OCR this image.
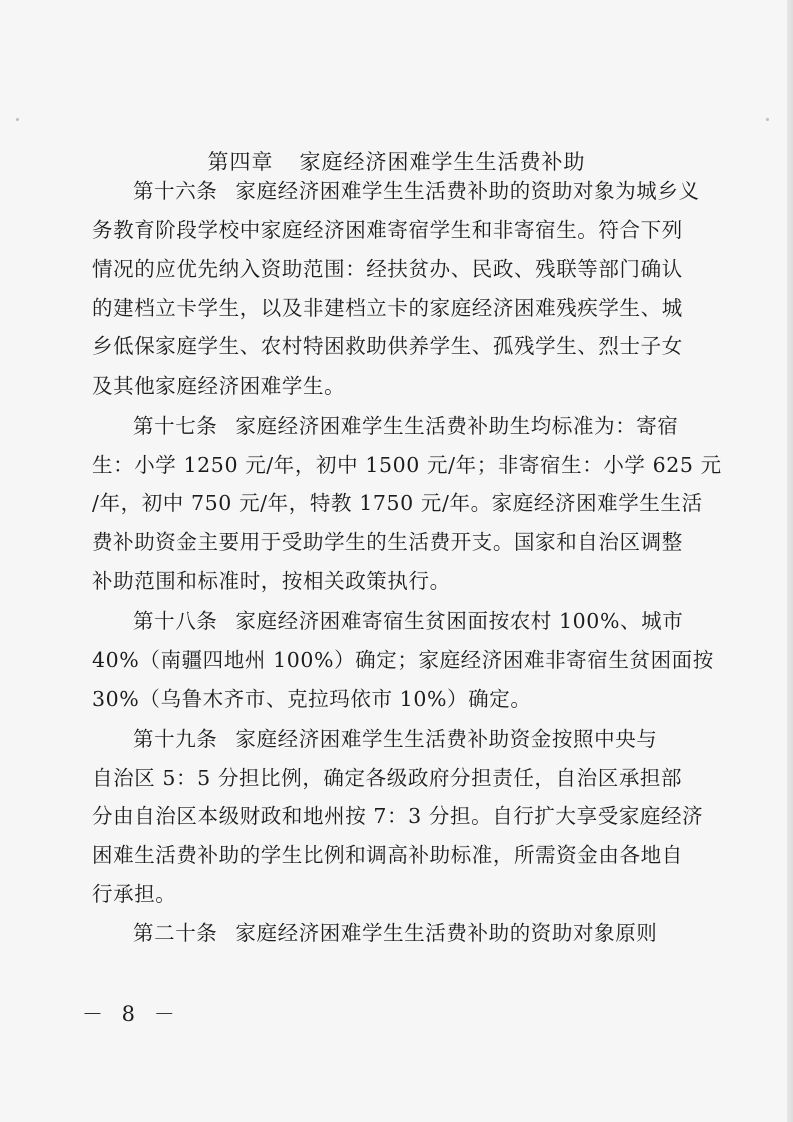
第四章 家庭经济困难学生生活费补助
第十六条 家庭经济困难学生生活费补助的资助对象为城乡义
务教育阶段学校中家庭经济困难寄宿学生和非寄宿生。符合下列
情况的应优先纳入资助范围：经扶贫办、民政、残联等部门确认
的建档立卡学生，以及非建档立卡的家庭经济困难残疾学生、城
乡低保家庭学生、农村特困救助供养学生、孤残学生、烈士子女
及其他家庭经济困难学生。
第十七条 家庭经济困难学生生活费补助生均标准为：寄宿
生：小学 1250 元/年，初中 1500 元/年；非寄宿生：小学 625 元
/年，初中 750 元/年，特教 1750 元/年。家庭经济困难学生生活
费补助资金主要用于受助学生的生活费开支。国家和自治区调整
补助范围和标准时，按相关政策执行。
第十八条 家庭经济困难寄宿生贫困面按农村 100%、城市
40%（南疆四地州 100%）确定；家庭经济困难非寄宿生贫困面按
30%（乌鲁木齐市、克拉玛依市 10%）确定。
第十九条 家庭经济困难学生生活费补助资金按照中央与
自治区 5：5 分担比例，确定各级政府分担责任，自治区承担部
分由自治区本级财政和地州按 7：3 分担。自行扩大享受家庭经济
困难生活费补助的学生比例和调高补助标准，所需资金由各地自
行承担。
第二十条 家庭经济困难学生生活费补助的资助对象原则
－ 8 －
